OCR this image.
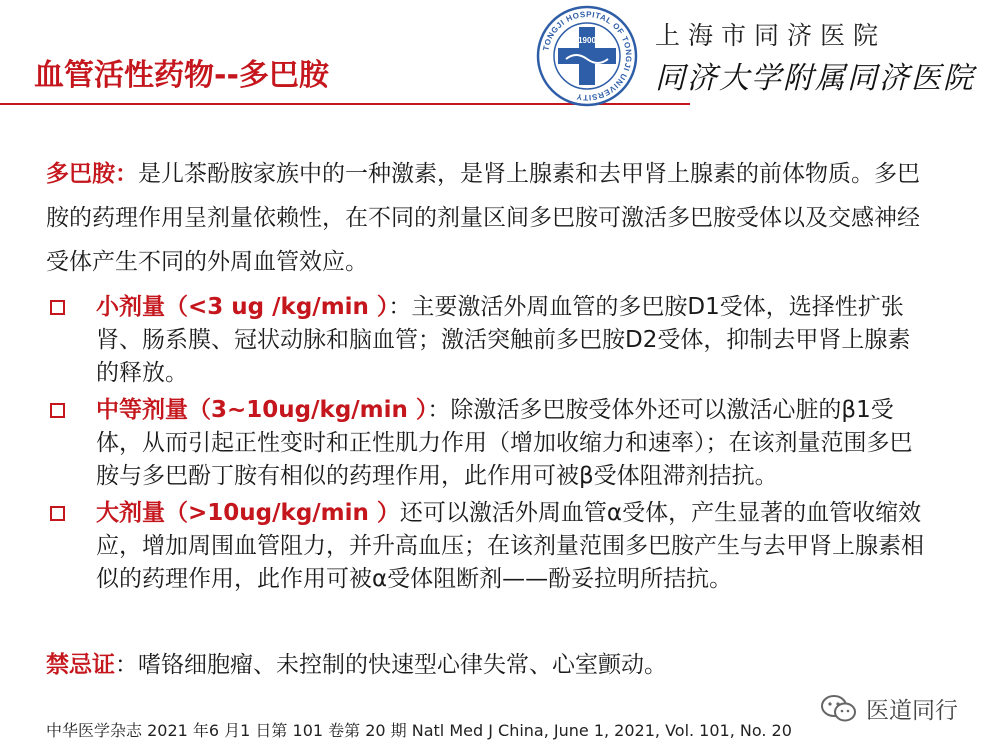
血管活性药物--多巴胺
TONGJI HOSPITAL OF TONGJI UNIVERSITY
1900 上海市同济医院
同济大学附属同济医院
多巴胺：是儿茶酚胺家族中的一种激素，是肾上腺素和去甲肾上腺素的前体物质。多巴胺的药理作用呈剂量依赖性，在不同的剂量区间多巴胺可激活多巴胺受体以及交感神经受体产生不同的外周血管效应。
小剂量（<3 ug /kg/min ）：主要激活外周血管的多巴胺D1受体，选择性扩张肾、肠系膜、冠状动脉和脑血管；激活突触前多巴胺D2受体，抑制去甲肾上腺素的释放。
中等剂量（3~10ug/kg/min ）：除激活多巴胺受体外还可以激活心脏的β1受体，从而引起正性变时和正性肌力作用（增加收缩力和速率）；在该剂量范围多巴胺与多巴酚丁胺有相似的药理作用，此作用可被β受体阻滞剂拮抗。
大剂量（>10ug/kg/min ）还可以激活外周血管α受体，产生显著的血管收缩效应，增加周围血管阻力，并升高血压；在该剂量范围多巴胺产生与去甲肾上腺素相似的药理作用，此作用可被α受体阻断剂——酚妥拉明所拮抗。
禁忌证：嗜铬细胞瘤、未控制的快速型心律失常、心室颤动。
中华医学杂志 2021 年6 月1 日第 101 卷第 20 期 Natl Med J China, June 1, 2021, Vol. 101, No. 20
医道同行
